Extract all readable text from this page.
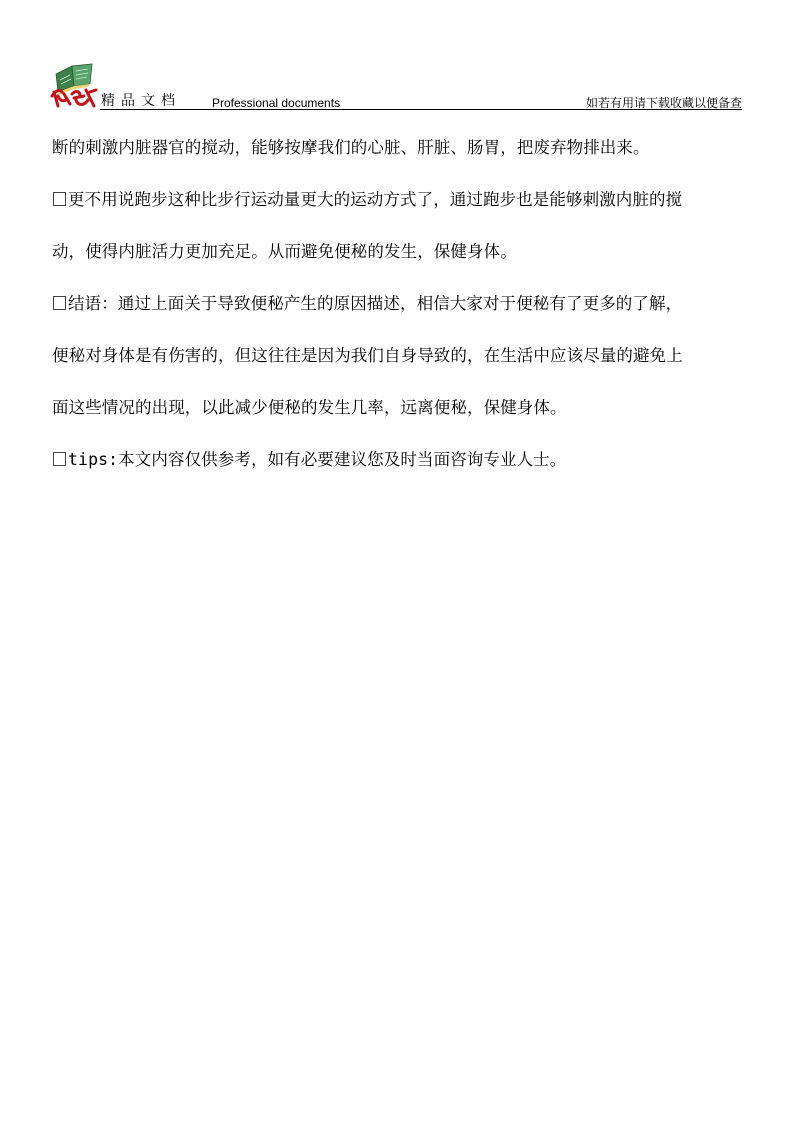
精品文档	Professional documents	如若有用请下载收藏以便备查

断的刺激内脏器官的搅动，能够按摩我们的心脏、肝脏、肠胃，把废弃物排出来。

更不用说跑步这种比步行运动量更大的运动方式了，通过跑步也是能够刺激内脏的搅

动，使得内脏活力更加充足。从而避免便秘的发生，保健身体。

结语：通过上面关于导致便秘产生的原因描述，相信大家对于便秘有了更多的了解，

便秘对身体是有伤害的，但这往往是因为我们自身导致的，在生活中应该尽量的避免上

面这些情况的出现，以此减少便秘的发生几率，远离便秘，保健身体。

tips:本文内容仅供参考，如有必要建议您及时当面咨询专业人士。
